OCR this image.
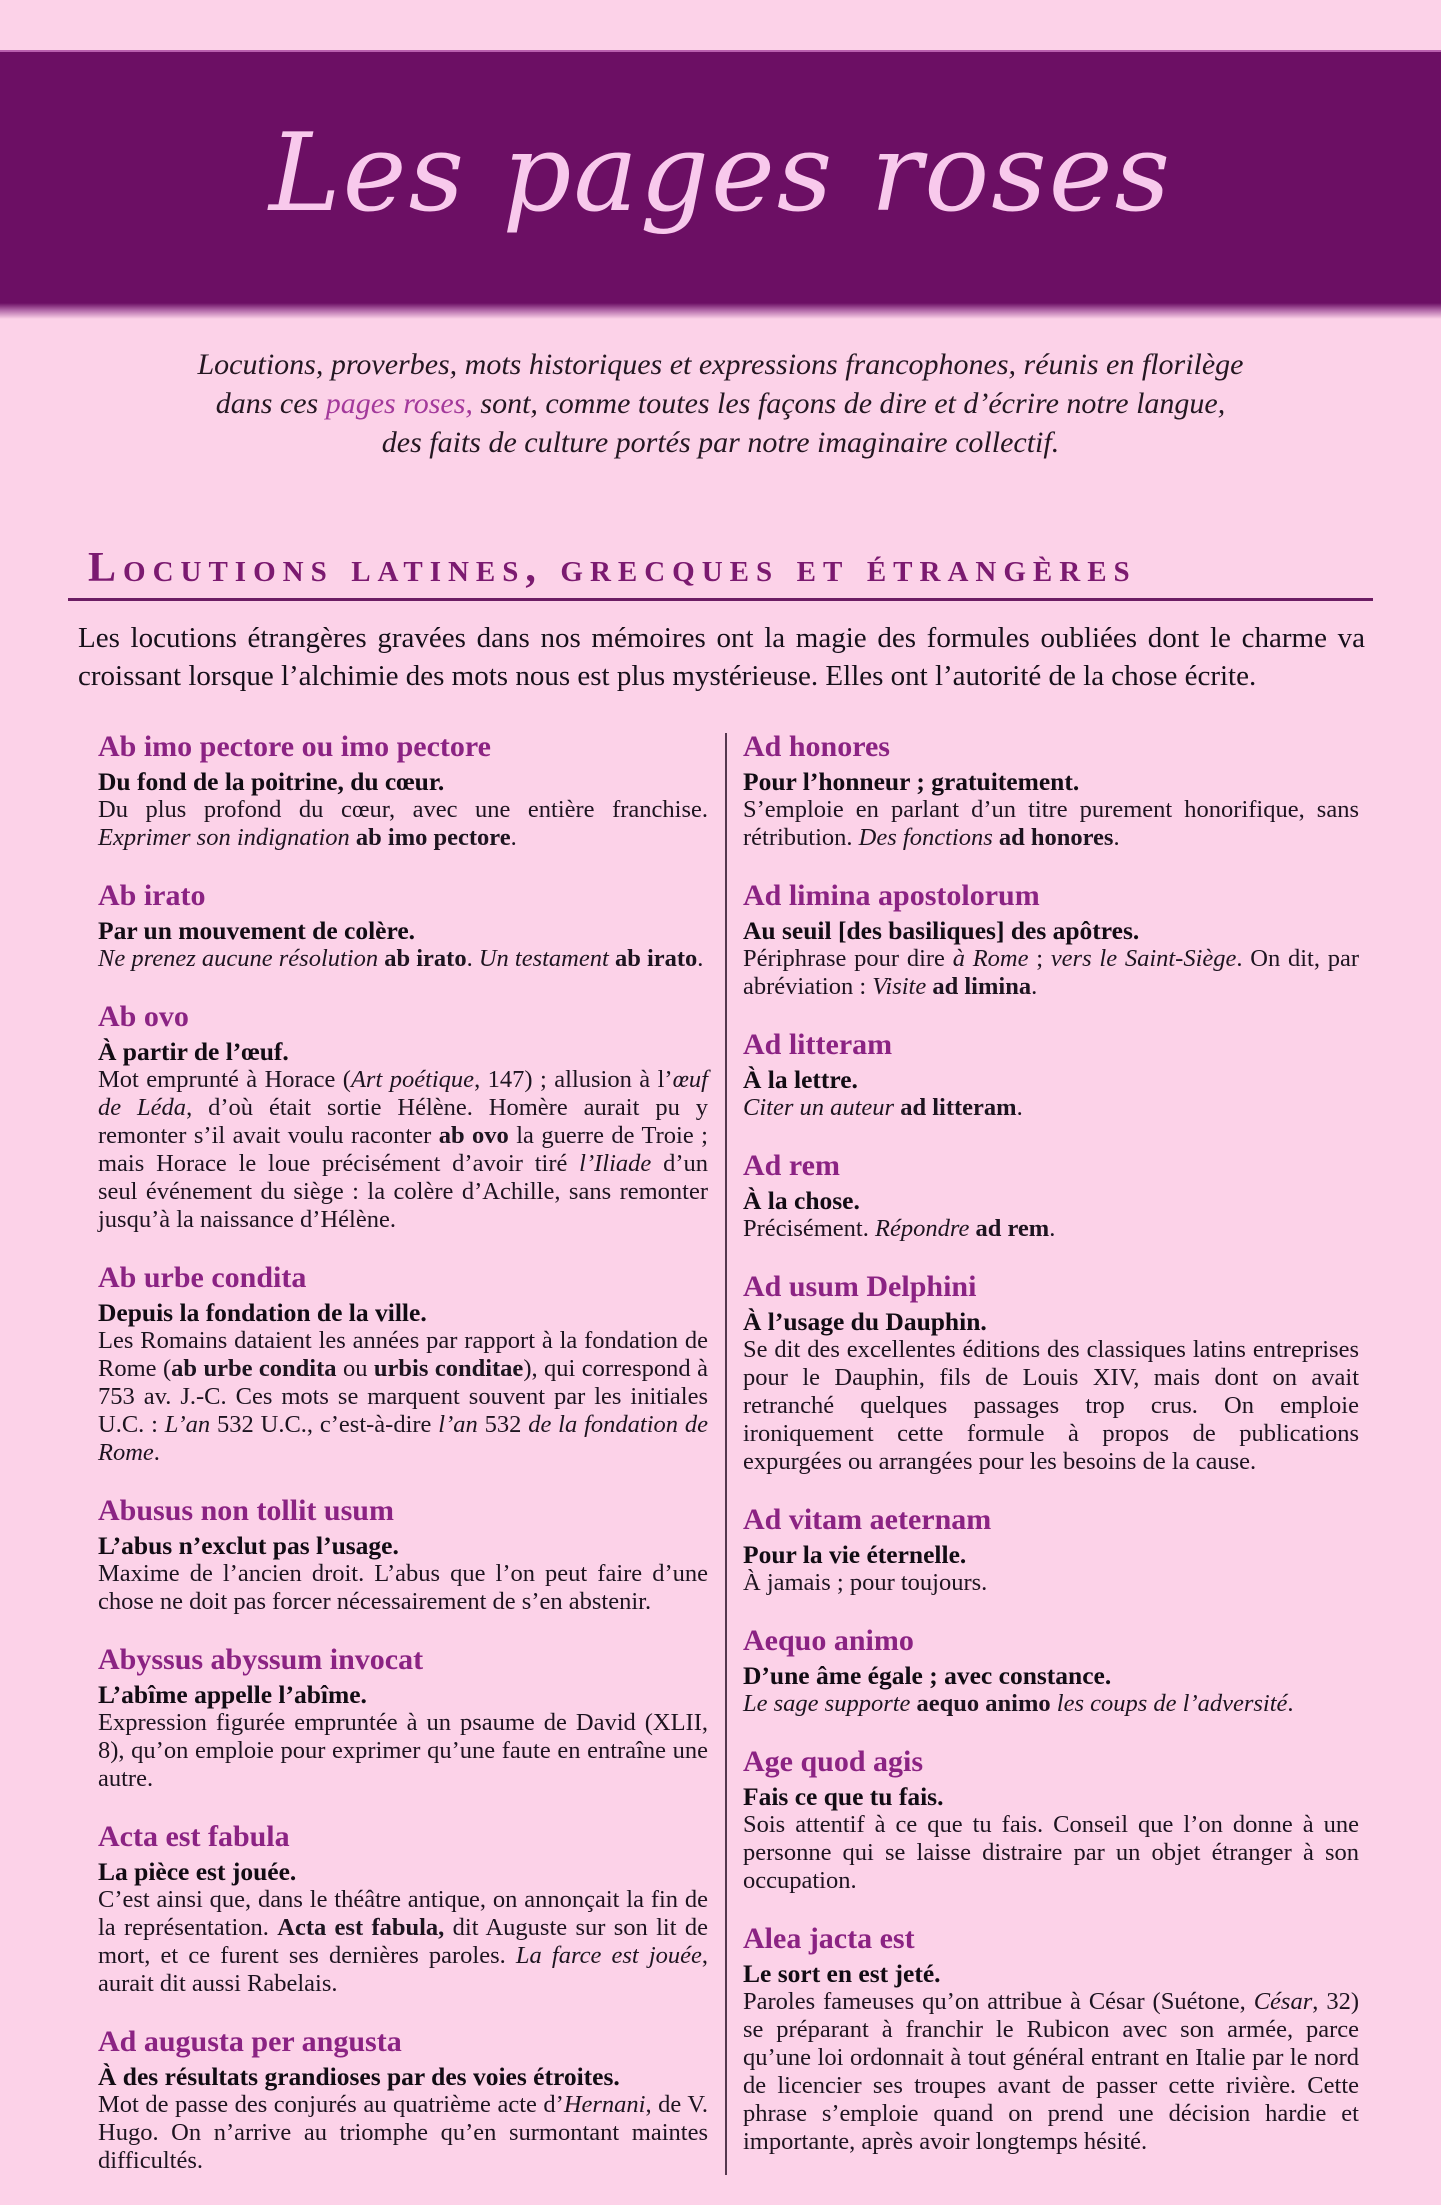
Les pages roses

Locutions, proverbes, mots historiques et expressions francophones, réunis en florilège
dans ces pages roses, sont, comme toutes les façons de dire et d’écrire notre langue,
des faits de culture portés par notre imaginaire collectif.

Locutions latines, grecques et étrangères

Les locutions étrangères gravées dans nos mémoires ont la magie des formules oubliées dont le charme va croissant lorsque l’alchimie des mots nous est plus mystérieuse. Elles ont l’autorité de la chose écrite.

Ab imo pectore ou imo pectore

Du fond de la poitrine, du cœur.

Du plus profond du cœur, avec une entière franchise. Exprimer son indignation ab imo pectore.

Ab irato

Par un mouvement de colère.

Ne prenez aucune résolution ab irato. Un testament ab irato.

Ab ovo

À partir de l’œuf.

Mot emprunté à Horace (Art poétique, 147) ; allusion à l’œuf de Léda, d’où était sortie Hélène. Homère aurait pu y remonter s’il avait voulu raconter ab ovo la guerre de Troie ; mais Horace le loue précisément d’avoir tiré l’Iliade d’un seul événement du siège : la colère d’Achille, sans remonter jusqu’à la naissance d’Hélène.

Ab urbe condita

Depuis la fondation de la ville.

Les Romains dataient les années par rapport à la fondation de Rome (ab urbe condita ou urbis conditae), qui correspond à 753 av. J.-C. Ces mots se marquent souvent par les initiales U.C. : L’an 532 U.C., c’est-à-dire l’an 532 de la fondation de Rome.

Abusus non tollit usum

L’abus n’exclut pas l’usage.

Maxime de l’ancien droit. L’abus que l’on peut faire d’une chose ne doit pas forcer nécessairement de s’en abstenir.

Abyssus abyssum invocat

L’abîme appelle l’abîme.

Expression figurée empruntée à un psaume de David (XLII, 8), qu’on emploie pour exprimer qu’une faute en entraîne une autre.

Acta est fabula

La pièce est jouée.

C’est ainsi que, dans le théâtre antique, on annonçait la fin de la représentation. Acta est fabula, dit Auguste sur son lit de mort, et ce furent ses dernières paroles. La farce est jouée, aurait dit aussi Rabelais.

Ad augusta per angusta

À des résultats grandioses par des voies étroites.

Mot de passe des conjurés au quatrième acte d’Hernani, de V. Hugo. On n’arrive au triomphe qu’en surmontant maintes difficultés.

Ad honores

Pour l’honneur ; gratuitement.

S’emploie en parlant d’un titre purement honorifique, sans rétribution. Des fonctions ad honores.

Ad limina apostolorum

Au seuil [des basiliques] des apôtres.

Périphrase pour dire à Rome ; vers le Saint-Siège. On dit, par abréviation : Visite ad limina.

Ad litteram

À la lettre.

Citer un auteur ad litteram.

Ad rem

À la chose.

Précisément. Répondre ad rem.

Ad usum Delphini

À l’usage du Dauphin.

Se dit des excellentes éditions des classiques latins entreprises pour le Dauphin, fils de Louis XIV, mais dont on avait retranché quelques passages trop crus. On emploie ironiquement cette formule à propos de publications expurgées ou arrangées pour les besoins de la cause.

Ad vitam aeternam

Pour la vie éternelle.

À jamais ; pour toujours.

Aequo animo

D’une âme égale ; avec constance.

Le sage supporte aequo animo les coups de l’adversité.

Age quod agis

Fais ce que tu fais.

Sois attentif à ce que tu fais. Conseil que l’on donne à une personne qui se laisse distraire par un objet étranger à son occupation.

Alea jacta est

Le sort en est jeté.

Paroles fameuses qu’on attribue à César (Suétone, César, 32) se préparant à franchir le Rubicon avec son armée, parce qu’une loi ordonnait à tout général entrant en Italie par le nord de licencier ses troupes avant de passer cette rivière. Cette phrase s’emploie quand on prend une décision hardie et importante, après avoir longtemps hésité.
